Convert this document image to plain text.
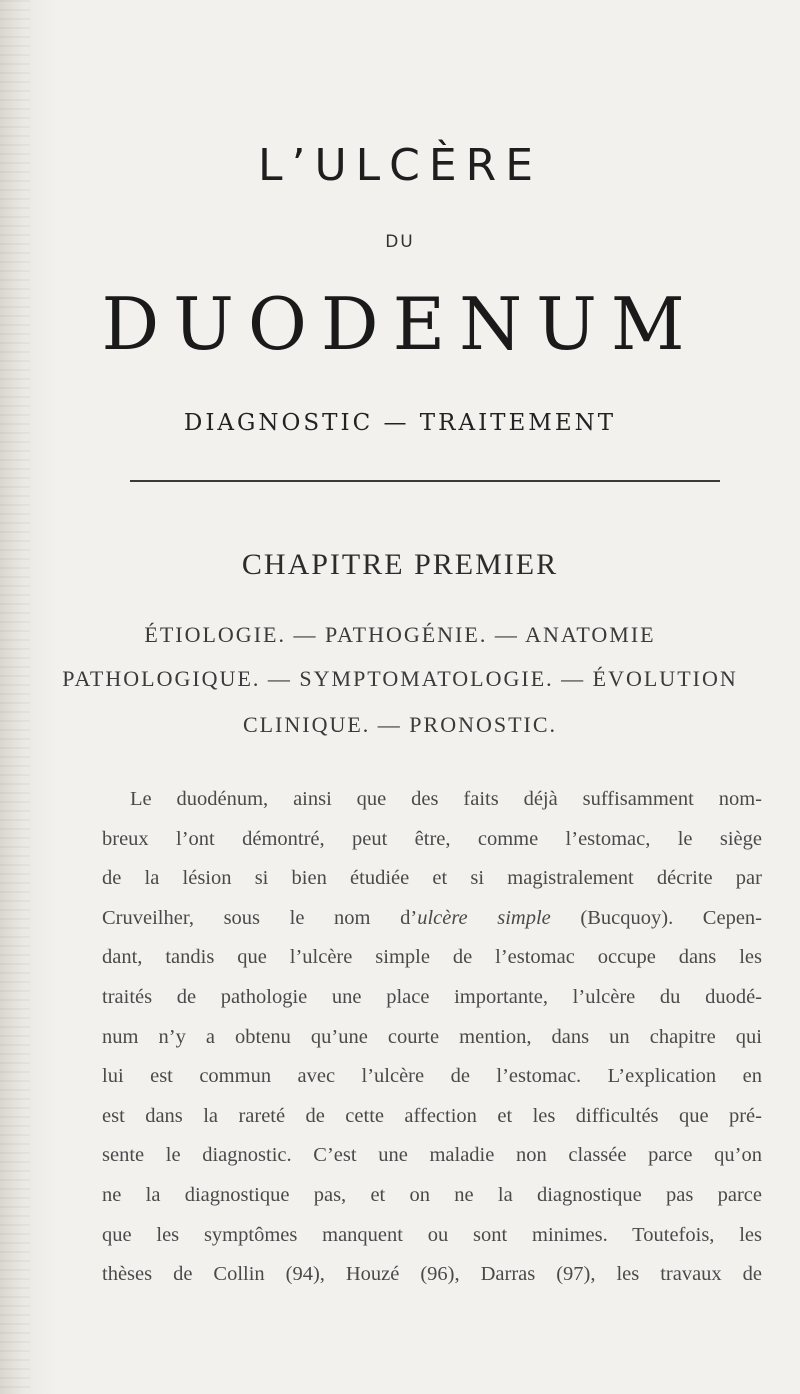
L’ULCÈRE
DU
DUODENUM
DIAGNOSTIC — TRAITEMENT
CHAPITRE PREMIER
ÉTIOLOGIE. — PATHOGÉNIE. — ANATOMIE
PATHOLOGIQUE. — SYMPTOMATOLOGIE. — ÉVOLUTION
CLINIQUE. — PRONOSTIC.
Le duodénum, ainsi que des faits déjà suffisamment nom-
breux l’ont démontré, peut être, comme l’estomac, le siège
de la lésion si bien étudiée et si magistralement décrite par
Cruveilher, sous le nom d’ulcère simple (Bucquoy). Cepen-
dant, tandis que l’ulcère simple de l’estomac occupe dans les
traités de pathologie une place importante, l’ulcère du duodé-
num n’y a obtenu qu’une courte mention, dans un chapitre qui
lui est commun avec l’ulcère de l’estomac. L’explication en
est dans la rareté de cette affection et les difficultés que pré-
sente le diagnostic. C’est une maladie non classée parce qu’on
ne la diagnostique pas, et on ne la diagnostique pas parce
que les symptômes manquent ou sont minimes. Toutefois, les
thèses de Collin (94), Houzé (96), Darras (97), les travaux de
